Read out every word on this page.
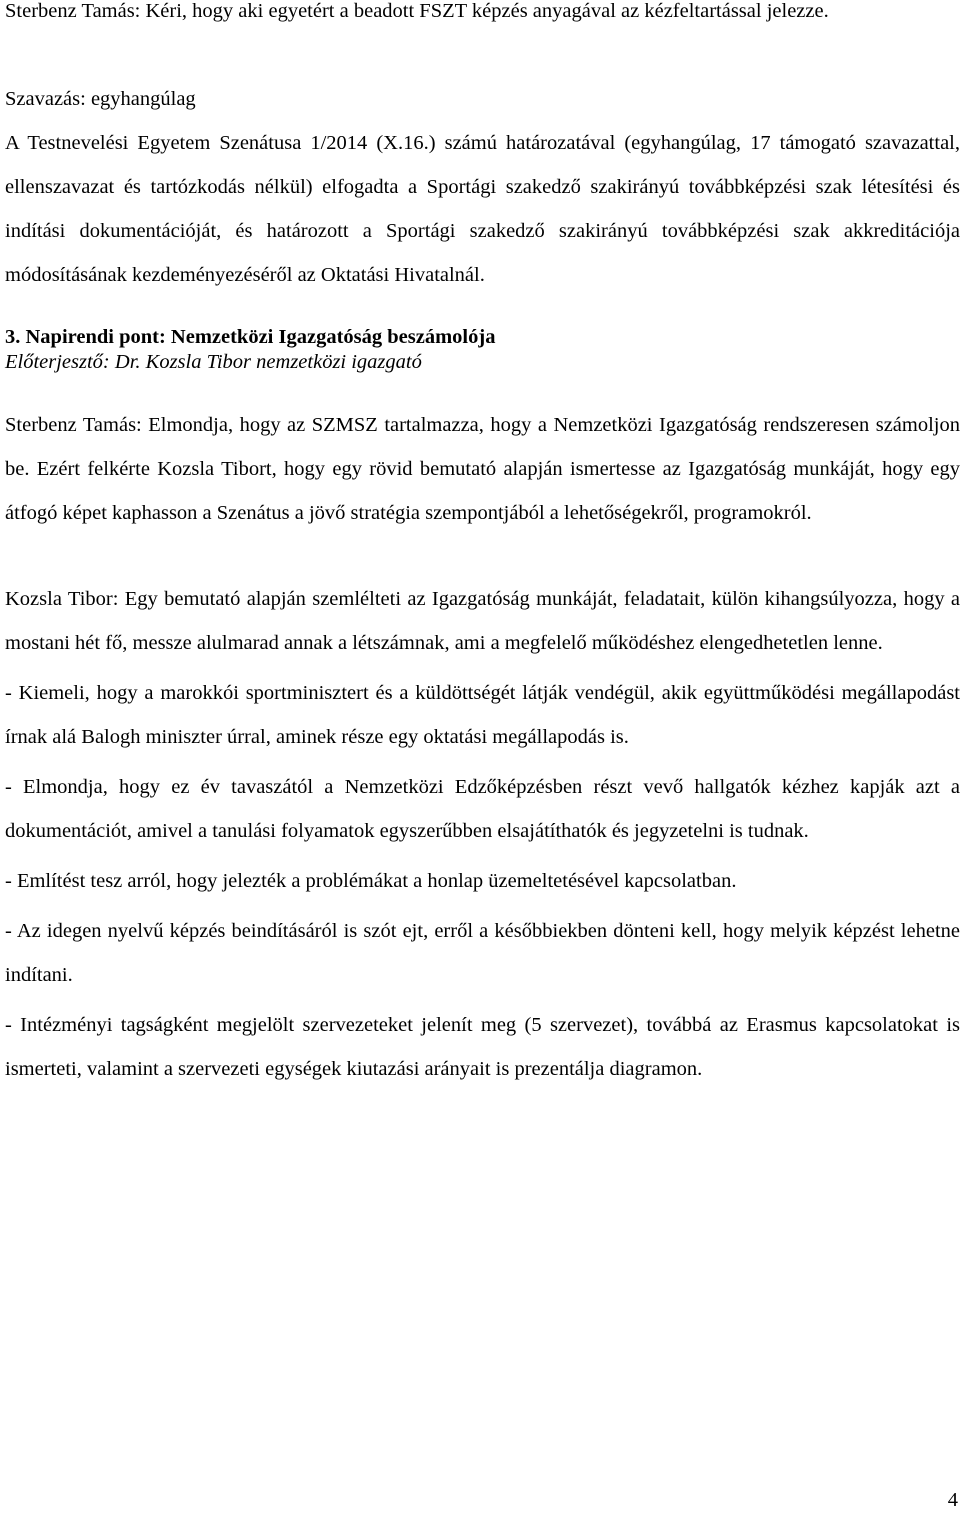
Sterbenz Tamás: Kéri, hogy aki egyetért a beadott FSZT képzés anyagával az kézfeltartással jelezze.

Szavazás: egyhangúlag

A Testnevelési Egyetem Szenátusa 1/2014 (X.16.) számú határozatával (egyhangúlag, 17 támogató szavazattal, ellenszavazat és tartózkodás nélkül) elfogadta a Sportági szakedző szakirányú továbbképzési szak létesítési és indítási dokumentációját, és határozott a Sportági szakedző szakirányú továbbképzési szak akkreditációja módosításának kezdeményezéséről az Oktatási Hivatalnál.

3. Napirendi pont: Nemzetközi Igazgatóság beszámolója
Előterjesztő: Dr. Kozsla Tibor nemzetközi igazgató

Sterbenz Tamás: Elmondja, hogy az SZMSZ tartalmazza, hogy a Nemzetközi Igazgatóság rendszeresen számoljon be. Ezért felkérte Kozsla Tibort, hogy egy rövid bemutató alapján ismertesse az Igazgatóság munkáját, hogy egy átfogó képet kaphasson a Szenátus a jövő stratégia szempontjából a lehetőségekről, programokról.

Kozsla Tibor: Egy bemutató alapján szemlélteti az Igazgatóság munkáját, feladatait, külön kihangsúlyozza, hogy a mostani hét fő, messze alulmarad annak a létszámnak, ami a megfelelő működéshez elengedhetetlen lenne.

- Kiemeli, hogy a marokkói sportminisztert és a küldöttségét látják vendégül, akik együttműködési megállapodást írnak alá Balogh miniszter úrral, aminek része egy oktatási megállapodás is.

- Elmondja, hogy ez év tavaszától a Nemzetközi Edzőképzésben részt vevő hallgatók kézhez kapják azt a dokumentációt, amivel a tanulási folyamatok egyszerűbben elsajátíthatók és jegyzetelni is tudnak.

- Említést tesz arról, hogy jelezték a problémákat a honlap üzemeltetésével kapcsolatban.

- Az idegen nyelvű képzés beindításáról is szót ejt, erről a későbbiekben dönteni kell, hogy melyik képzést lehetne indítani.

- Intézményi tagságként megjelölt szervezeteket jelenít meg (5 szervezet), továbbá az Erasmus kapcsolatokat is ismerteti, valamint a szervezeti egységek kiutazási arányait is prezentálja diagramon.

4
